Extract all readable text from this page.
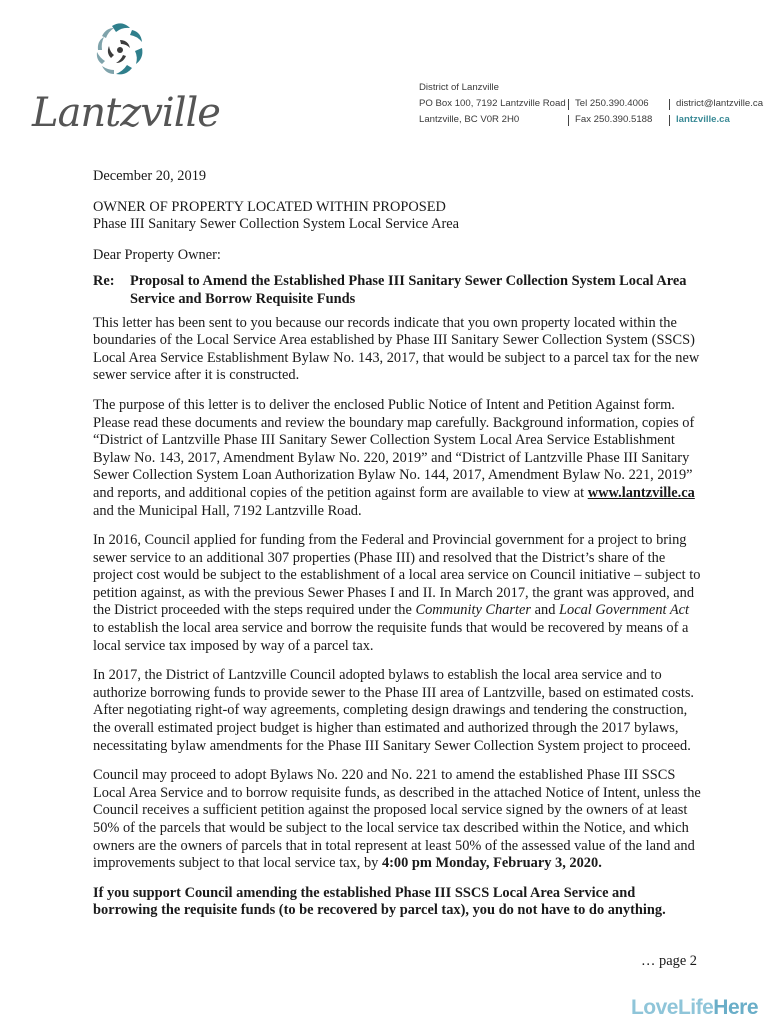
Lantzville
District of Lanzville
PO Box 100, 7192 Lantzville Road Tel 250.390.4006	district@lantzville.ca
Lantzville, BC V0R 2H0	Fax 250.390.5188	lantzville.ca

December 20, 2019

OWNER OF PROPERTY LOCATED WITHIN PROPOSED

Phase III Sanitary Sewer Collection System Local Service Area

Dear Property Owner:

Re:	Proposal to Amend the Established Phase III Sanitary Sewer Collection System Local Area Service and Borrow Requisite Funds

This letter has been sent to you because our records indicate that you own property located within the boundaries of the Local Service Area established by Phase III Sanitary Sewer Collection System (SSCS) Local Area Service Establishment Bylaw No. 143, 2017, that would be subject to a parcel tax for the new sewer service after it is constructed.

The purpose of this letter is to deliver the enclosed Public Notice of Intent and Petition Against form. Please read these documents and review the boundary map carefully. Background information, copies of “District of Lantzville Phase III Sanitary Sewer Collection System Local Area Service Establishment Bylaw No. 143, 2017, Amendment Bylaw No. 220, 2019” and “District of Lantzville Phase III Sanitary Sewer Collection System Loan Authorization Bylaw No. 144, 2017, Amendment Bylaw No. 221, 2019” and reports, and additional copies of the petition against form are available to view at www.lantzville.ca and the Municipal Hall, 7192 Lantzville Road.

In 2016, Council applied for funding from the Federal and Provincial government for a project to bring sewer service to an additional 307 properties (Phase III) and resolved that the District’s share of the project cost would be subject to the establishment of a local area service on Council initiative – subject to petition against, as with the previous Sewer Phases I and II. In March 2017, the grant was approved, and the District proceeded with the steps required under the Community Charter and Local Government Act to establish the local area service and borrow the requisite funds that would be recovered by means of a local service tax imposed by way of a parcel tax.

In 2017, the District of Lantzville Council adopted bylaws to establish the local area service and to authorize borrowing funds to provide sewer to the Phase III area of Lantzville, based on estimated costs. After negotiating right-of way agreements, completing design drawings and tendering the construction, the overall estimated project budget is higher than estimated and authorized through the 2017 bylaws, necessitating bylaw amendments for the Phase III Sanitary Sewer Collection System project to proceed.

Council may proceed to adopt Bylaws No. 220 and No. 221 to amend the established Phase III SSCS Local Area Service and to borrow requisite funds, as described in the attached Notice of Intent, unless the Council receives a sufficient petition against the proposed local service signed by the owners of at least 50% of the parcels that would be subject to the local service tax described within the Notice, and which owners are the owners of parcels that in total represent at least 50% of the assessed value of the land and improvements subject to that local service tax, by 4:00 pm Monday, February 3, 2020.

If you support Council amending the established Phase III SSCS Local Area Service and borrowing the requisite funds (to be recovered by parcel tax), you do not have to do anything.

… page 2
LoveLifeHere
